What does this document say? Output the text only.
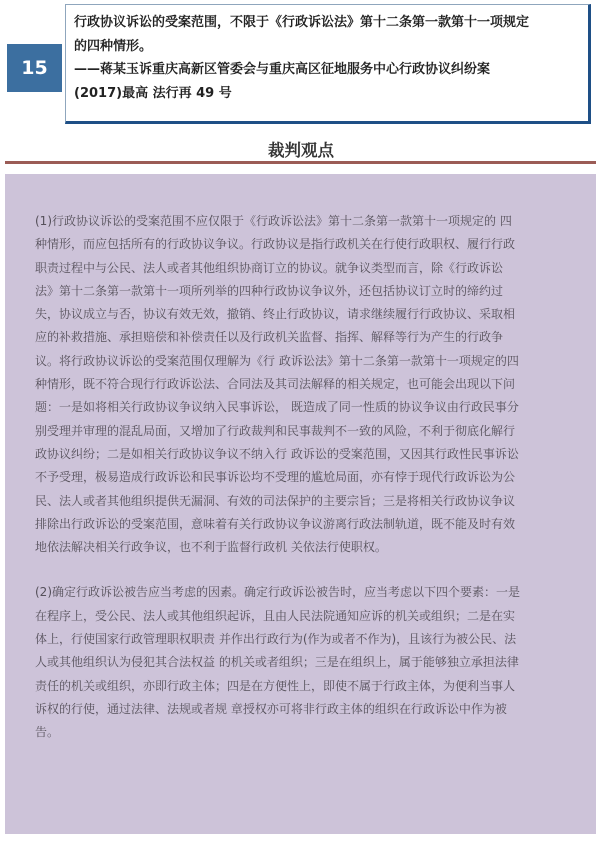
15
行政协议诉讼的受案范围，不限于《行政诉讼法》第十二条第一款第十一项规定
的四种情形。
——蒋某玉诉重庆高新区管委会与重庆高区征地服务中心行政协议纠纷案
(2017)最高 法行再 49 号
裁判观点
(1)行政协议诉讼的受案范围不应仅限于《行政诉讼法》第十二条第一款第十一项规定的 四
种情形，而应包括所有的行政协议争议。行政协议是指行政机关在行使行政职权、履行行政
职责过程中与公民、法人或者其他组织协商订立的协议。就争议类型而言，除《行政诉讼
法》第十二条第一款第十一项所列举的四种行政协议争议外，还包括协议订立时的缔约过
失，协议成立与否，协议有效无效，撤销、终止行政协议，请求继续履行行政协议、采取相
应的补救措施、承担赔偿和补偿责任以及行政机关监督、指挥、解释等行为产生的行政争
议。将行政协议诉讼的受案范围仅理解为《行 政诉讼法》第十二条第一款第十一项规定的四
种情形，既不符合现行行政诉讼法、合同法及其司法解释的相关规定，也可能会出现以下问
题：一是如将相关行政协议争议纳入民事诉讼， 既造成了同一性质的协议争议由行政民事分
别受理并审理的混乱局面，又增加了行政裁判和民事裁判不一致的风险，不利于彻底化解行
政协议纠纷；二是如相关行政协议争议不纳入行 政诉讼的受案范围，又因其行政性民事诉讼
不予受理，极易造成行政诉讼和民事诉讼均不受理的尴尬局面，亦有悖于现代行政诉讼为公
民、法人或者其他组织提供无漏洞、有效的司法保护的主要宗旨；三是将相关行政协议争议
排除出行政诉讼的受案范围，意味着有关行政协议争议游离行政法制轨道，既不能及时有效
地依法解决相关行政争议，也不利于监督行政机 关依法行使职权。
(2)确定行政诉讼被告应当考虑的因素。确定行政诉讼被告时，应当考虑以下四个要素：一是
在程序上，受公民、法人或其他组织起诉，且由人民法院通知应诉的机关或组织；二是在实
体上，行使国家行政管理职权职责 并作出行政行为(作为或者不作为)，且该行为被公民、法
人或其他组织认为侵犯其合法权益 的机关或者组织；三是在组织上，属于能够独立承担法律
责任的机关或组织，亦即行政主体；四是在方便性上，即使不属于行政主体，为便利当事人
诉权的行使，通过法律、法规或者规 章授权亦可将非行政主体的组织在行政诉讼中作为被
告。
